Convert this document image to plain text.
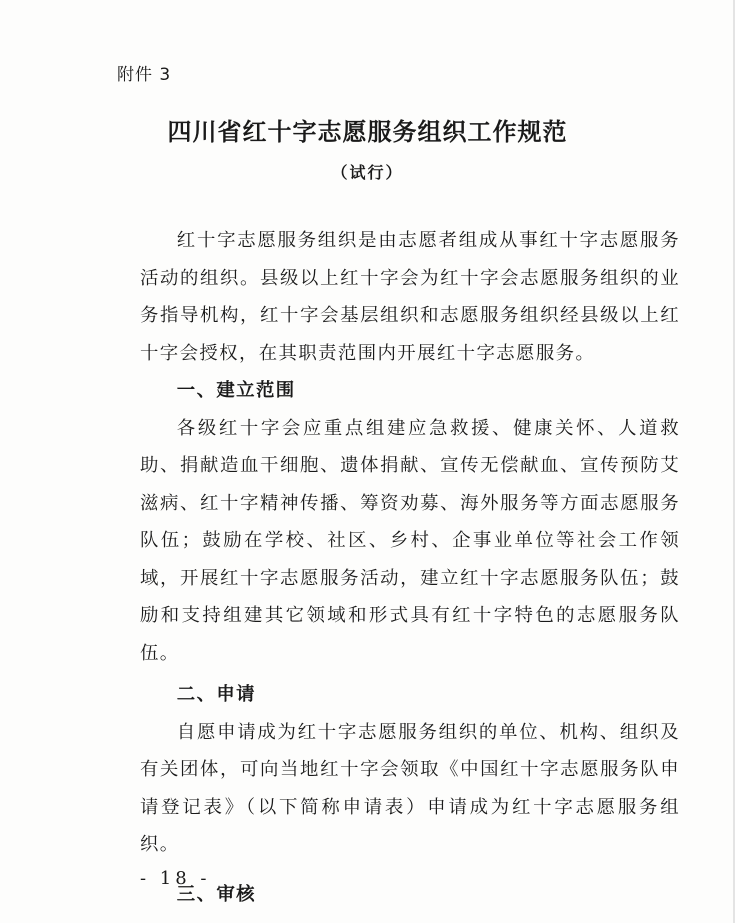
附件 3
四川省红十字志愿服务组织工作规范
（试行）

红十字志愿服务组织是由志愿者组成从事红十字志愿服务活动的组织。县级以上红十字会为红十字会志愿服务组织的业务指导机构，红十字会基层组织和志愿服务组织经县级以上红十字会授权，在其职责范围内开展红十字志愿服务。

一、建立范围

各级红十字会应重点组建应急救援、健康关怀、人道救助、捐献造血干细胞、遗体捐献、宣传无偿献血、宣传预防艾滋病、红十字精神传播、筹资劝募、海外服务等方面志愿服务队伍；鼓励在学校、社区、乡村、企事业单位等社会工作领域，开展红十字志愿服务活动，建立红十字志愿服务队伍；鼓励和支持组建其它领域和形式具有红十字特色的志愿服务队伍。

二、申请

自愿申请成为红十字志愿服务组织的单位、机构、组织及有关团体，可向当地红十字会领取《中国红十字志愿服务队申请登记表》（以下简称申请表）申请成为红十字志愿服务组织。

三、审核

- 18 -
